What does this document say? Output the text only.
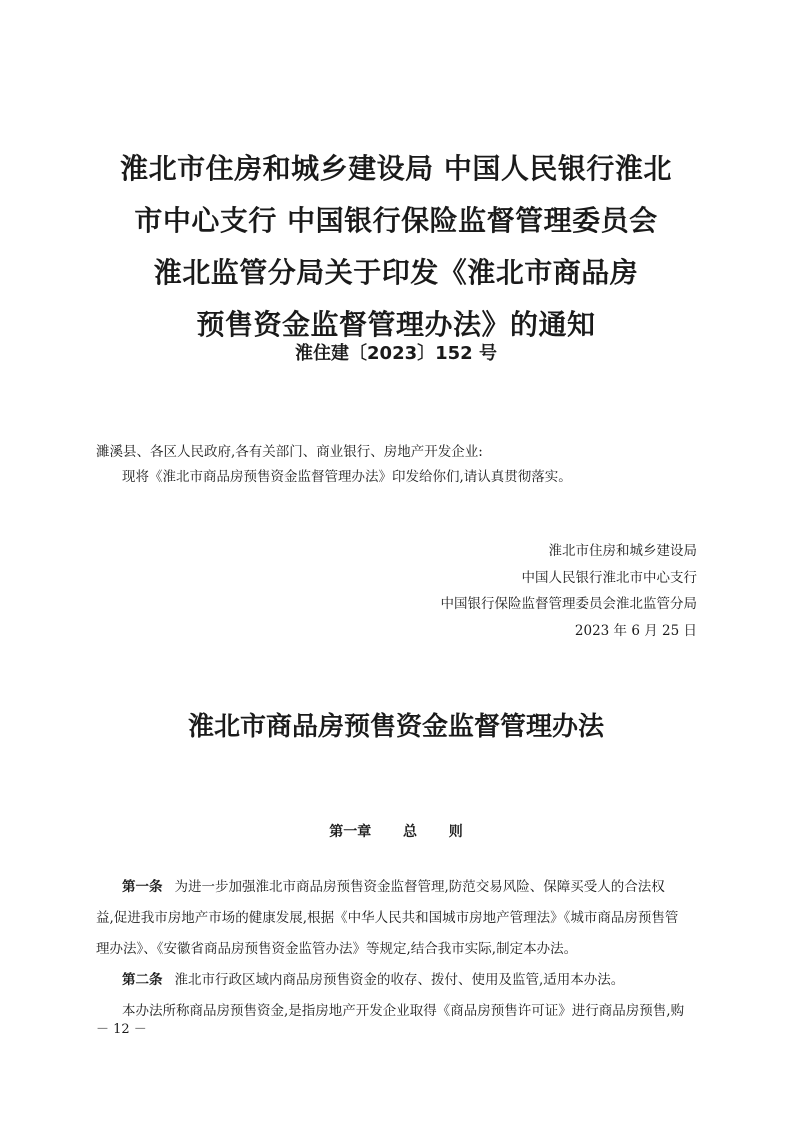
淮北市住房和城乡建设局 中国人民银行淮北
市中心支行 中国银行保险监督管理委员会
淮北监管分局关于印发《淮北市商品房
预售资金监督管理办法》的通知
淮住建〔2023〕152 号
濉溪县、各区人民政府,各有关部门、商业银行、房地产开发企业:
现将《淮北市商品房预售资金监督管理办法》印发给你们,请认真贯彻落实。
淮北市住房和城乡建设局
中国人民银行淮北市中心支行
中国银行保险监督管理委员会淮北监管分局
2023 年 6 月 25 日
淮北市商品房预售资金监督管理办法
第一章 总 则
第一条 为进一步加强淮北市商品房预售资金监督管理,防范交易风险、保障买受人的合法权
益,促进我市房地产市场的健康发展,根据《中华人民共和国城市房地产管理法》《城市商品房预售管
理办法》、《安徽省商品房预售资金监管办法》等规定,结合我市实际,制定本办法。
第二条 淮北市行政区域内商品房预售资金的收存、拨付、使用及监管,适用本办法。
本办法所称商品房预售资金,是指房地产开发企业取得《商品房预售许可证》进行商品房预售,购
－ 12 －
